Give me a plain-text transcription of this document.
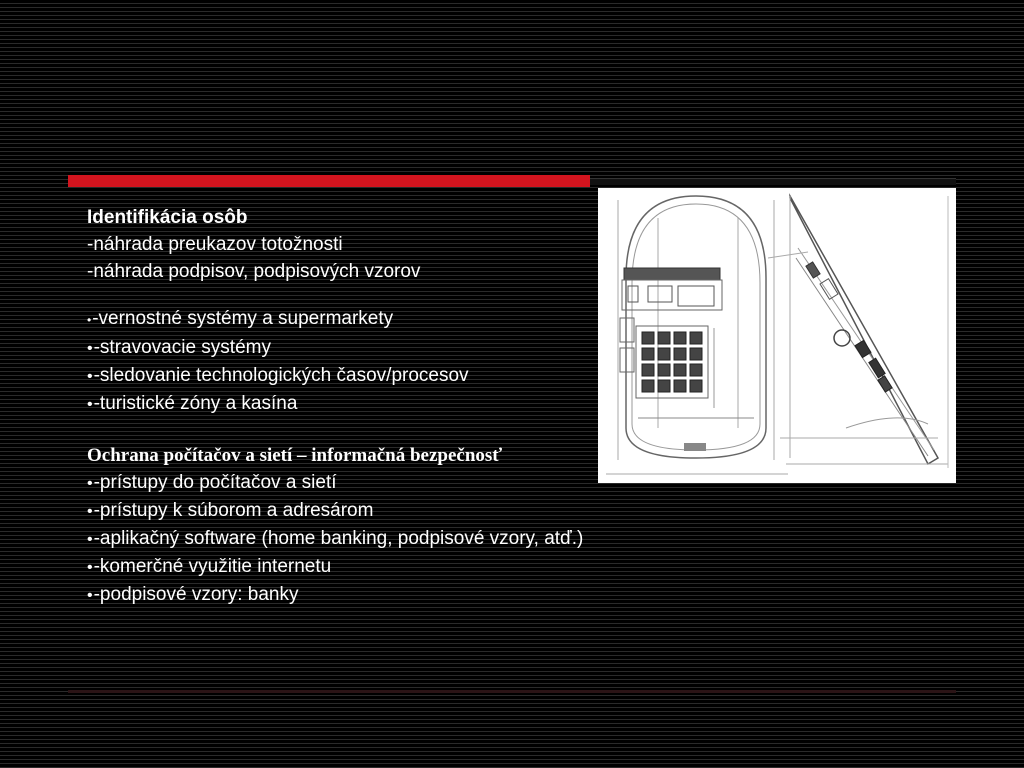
Identifikácia osôb
-náhrada preukazov totožnosti
-náhrada podpisov, podpisových vzorov
•-vernostné systémy a supermarkety
•-stravovacie systémy
•-sledovanie technologických časov/procesov
•-turistické zóny a kasína
Ochrana počítačov a sietí – informačná bezpečnosť
•-prístupy do počítačov a sietí
•-prístupy k súborom a adresárom
•-aplikačný software (home banking, podpisové vzory, atď.)
•-komerčné využitie internetu
•-podpisové vzory: banky
